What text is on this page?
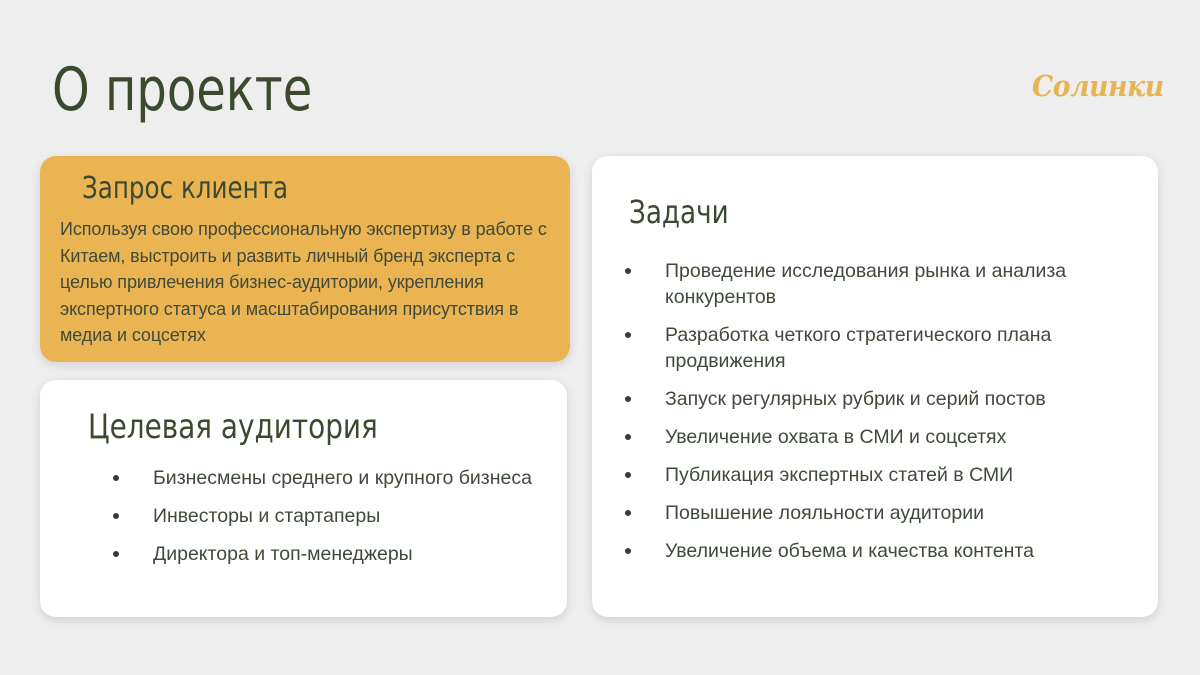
О проекте	Солинки
Запрос клиента
Используя свою профессиональную экспертизу в работе с Китаем, выстроить и развить личный бренд эксперта с целью привлечения бизнес-аудитории, укрепления экспертного статуса и масштабирования присутствия в медиа и соцсетях
Целевая аудитория
Бизнесмены среднего и крупного бизнеса
Инвесторы и стартаперы
Директора и топ-менеджеры
Задачи
Проведение исследования рынка и анализа конкурентов
Разработка четкого стратегического плана продвижения
Запуск регулярных рубрик и серий постов
Увеличение охвата в СМИ и соцсетях
Публикация экспертных статей в СМИ
Повышение лояльности аудитории
Увеличение объема и качества контента
